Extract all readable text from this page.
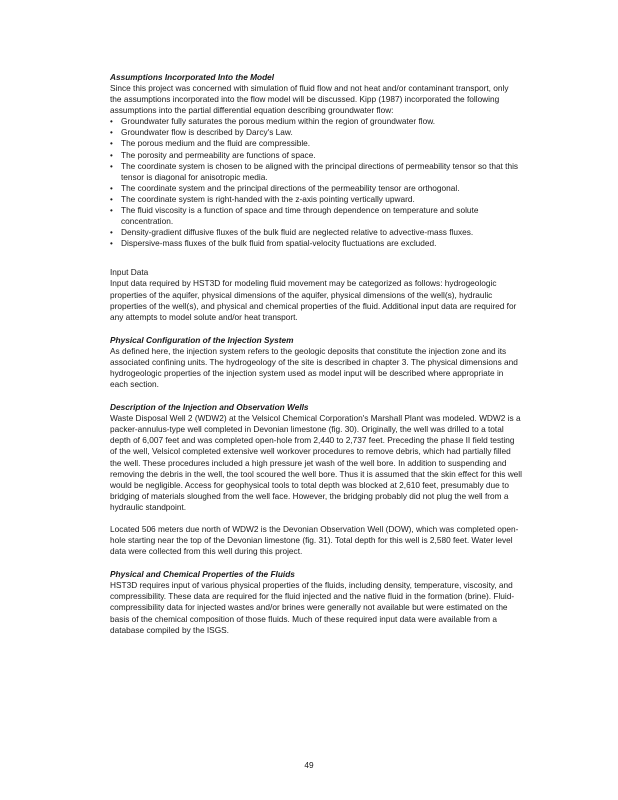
Assumptions Incorporated Into the Model

Since this project was concerned with simulation of fluid flow and not heat and/or contaminant transport, only the assumptions incorporated into the flow model will be discussed. Kipp (1987) incorporated the following assumptions into the partial differential equation describing groundwater flow:

• Groundwater fully saturates the porous medium within the region of groundwater flow.
• Groundwater flow is described by Darcy's Law.
• The porous medium and the fluid are compressible.
• The porosity and permeability are functions of space.
• The coordinate system is chosen to be aligned with the principal directions of permeability tensor so that this tensor is diagonal for anisotropic media.
• The coordinate system and the principal directions of the permeability tensor are orthogonal.
• The coordinate system is right-handed with the z-axis pointing vertically upward.
• The fluid viscosity is a function of space and time through dependence on temperature and solute concentration.
• Density-gradient diffusive fluxes of the bulk fluid are neglected relative to advective-mass fluxes.
• Dispersive-mass fluxes of the bulk fluid from spatial-velocity fluctuations are excluded.
Input Data

Input data required by HST3D for modeling fluid movement may be categorized as follows: hydrogeologic properties of the aquifer, physical dimensions of the aquifer, physical dimensions of the well(s), hydraulic properties of the well(s), and physical and chemical properties of the fluid. Additional input data are required for any attempts to model solute and/or heat transport.

Physical Configuration of the Injection System

As defined here, the injection system refers to the geologic deposits that constitute the injection zone and its associated confining units. The hydrogeology of the site is described in chapter 3. The physical dimensions and hydrogeologic properties of the injection system used as model input will be described where appropriate in each section.

Description of the Injection and Observation Wells

Waste Disposal Well 2 (WDW2) at the Velsicol Chemical Corporation's Marshall Plant was modeled. WDW2 is a packer-annulus-type well completed in Devonian limestone (fig. 30). Originally, the well was drilled to a total depth of 6,007 feet and was completed open-hole from 2,440 to 2,737 feet. Preceding the phase II field testing of the well, Velsicol completed extensive well workover procedures to remove debris, which had partially filled the well. These procedures included a high pressure jet wash of the well bore. In addition to suspending and removing the debris in the well, the tool scoured the well bore. Thus it is assumed that the skin effect for this well would be negligible. Access for geophysical tools to total depth was blocked at 2,610 feet, presumably due to bridging of materials sloughed from the well face. However, the bridging probably did not plug the well from a hydraulic standpoint.

Located 506 meters due north of WDW2 is the Devonian Observation Well (DOW), which was completed open-hole starting near the top of the Devonian limestone (fig. 31). Total depth for this well is 2,580 feet. Water level data were collected from this well during this project.

Physical and Chemical Properties of the Fluids

HST3D requires input of various physical properties of the fluids, including density, temperature, viscosity, and compressibility. These data are required for the fluid injected and the native fluid in the formation (brine). Fluid-compressibility data for injected wastes and/or brines were generally not available but were estimated on the basis of the chemical composition of those fluids. Much of these required input data were available from a database compiled by the ISGS.

49
